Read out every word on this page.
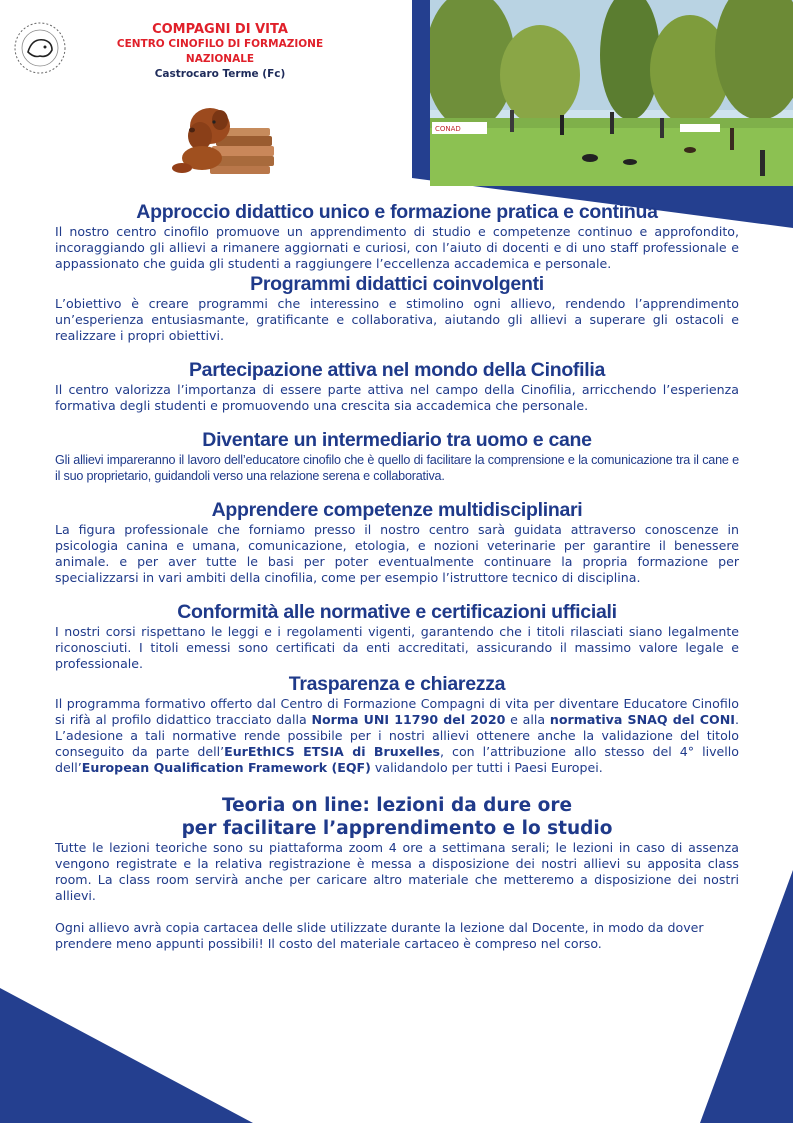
COMPAGNI DI VITA
CENTRO CINOFILO DI FORMAZIONE NAZIONALE
Castrocaro Terme (Fc)
CONAD
Approccio didattico unico e formazione pratica e continua

Il nostro centro cinofilo promuove un apprendimento di studio e competenze continuo e approfondito, incoraggiando gli allievi a rimanere aggiornati e curiosi, con l’aiuto di docenti e di uno staff professionale e appassionato che guida gli studenti a raggiungere l’eccellenza accademica e personale.

Programmi didattici coinvolgenti

L’obiettivo è creare programmi che interessino e stimolino ogni allievo, rendendo l’apprendimento un’esperienza entusiasmante, gratificante e collaborativa, aiutando gli allievi a superare gli ostacoli e realizzare i propri obiettivi.

Partecipazione attiva nel mondo della Cinofilia

Il centro valorizza l’importanza di essere parte attiva nel campo della Cinofilia, arricchendo l’esperienza formativa degli studenti e promuovendo una crescita sia accademica che personale.

Diventare un intermediario tra uomo e cane

Gli allievi impareranno il lavoro dell’educatore cinofilo che è quello di facilitare la comprensione e la comunicazione tra il cane e il suo proprietario, guidandoli verso una relazione serena e collaborativa.

Apprendere competenze multidisciplinari

La figura professionale che forniamo presso il nostro centro sarà guidata attraverso conoscenze in psicologia canina e umana, comunicazione, etologia, e nozioni veterinarie per garantire il benessere animale. e per aver tutte le basi per poter eventualmente continuare la propria formazione per specializzarsi in vari ambiti della cinofilia, come per esempio l’istruttore tecnico di disciplina.

Conformità alle normative e certificazioni ufficiali

I nostri corsi rispettano le leggi e i regolamenti vigenti, garantendo che i titoli rilasciati siano legalmente riconosciuti. I titoli emessi sono certificati da enti accreditati, assicurando il massimo valore legale e professionale.

Trasparenza e chiarezza

Il programma formativo offerto dal Centro di Formazione Compagni di vita per diventare Educatore Cinofilo si rifà al profilo didattico tracciato dalla Norma UNI 11790 del 2020 e alla normativa SNAQ del CONI. L’adesione a tali normative rende possibile per i nostri allievi ottenere anche la validazione del titolo conseguito da parte dell’EurEthICS ETSIA di Bruxelles, con l’attribuzione allo stesso del 4° livello dell’European Qualification Framework (EQF) validandolo per tutti i Paesi Europei.

Teoria on line: lezioni da dure ore
per facilitare l’apprendimento e lo studio

Tutte le lezioni teoriche sono su piattaforma zoom 4 ore a settimana serali; le lezioni in caso di assenza vengono registrate e la relativa registrazione è messa a disposizione dei nostri allievi su apposita class room. La class room servirà anche per caricare altro materiale che metteremo a disposizione dei nostri allievi.

Ogni allievo avrà copia cartacea delle slide utilizzate durante la lezione dal Docente, in modo da dover prendere meno appunti possibili! Il costo del materiale cartaceo è compreso nel corso.
